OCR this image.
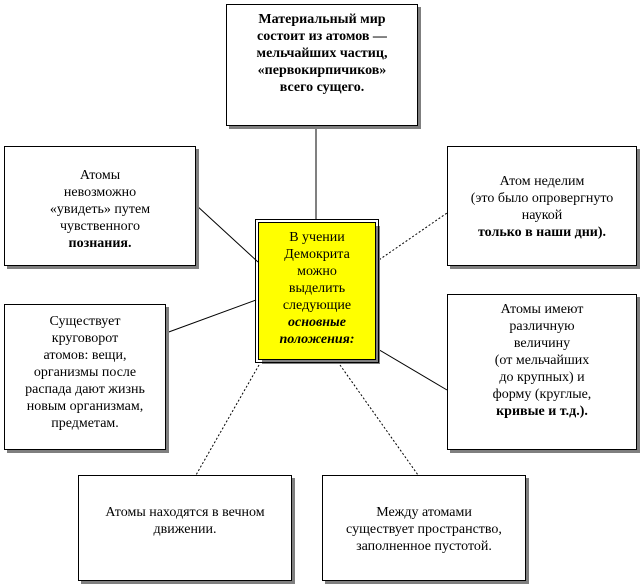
Материальный мир
состоит из атомов —
мельчайших частиц,
«первокирпичиков»
всего сущего.
Атомы
невозможно
«увидеть» путем
чувственного
познания.
Атом неделим
(это было опровергнуто
наукой
только в наши дни).
В учении
Демокрита
можно
выделить
следующие
основные
положения:
Существует
круговорот
атомов: вещи,
организмы после
распада дают жизнь
новым организмам,
предметам.
Атомы имеют
различную
величину
(от мельчайших
до крупных) и
форму (круглые,
кривые и т.д.).
Атомы находятся в вечном
движении.
Между атомами
существует пространство,
заполненное пустотой.
